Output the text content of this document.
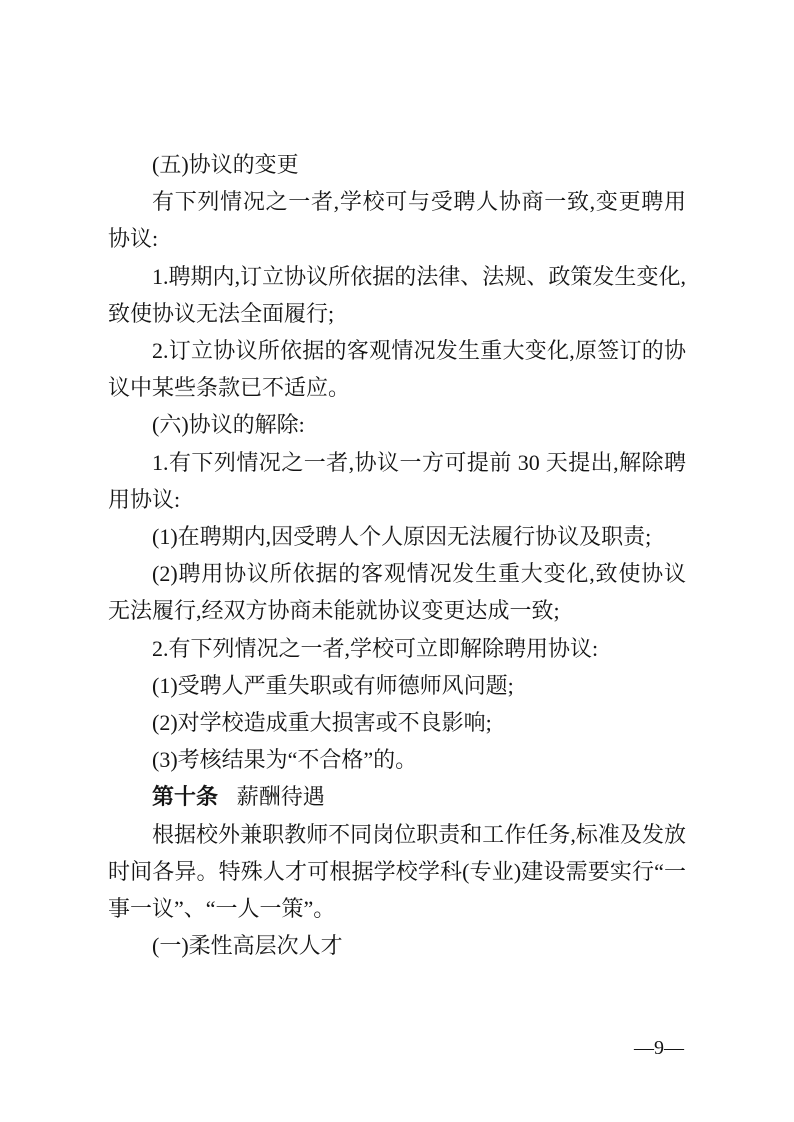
(五)协议的变更

有下列情况之一者,学校可与受聘人协商一致,变更聘用协议:

1.聘期内,订立协议所依据的法律、法规、政策发生变化,致使协议无法全面履行;

2.订立协议所依据的客观情况发生重大变化,原签订的协议中某些条款已不适应。

(六)协议的解除:

1.有下列情况之一者,协议一方可提前 30 天提出,解除聘用协议:

(1)在聘期内,因受聘人个人原因无法履行协议及职责;

(2)聘用协议所依据的客观情况发生重大变化,致使协议无法履行,经双方协商未能就协议变更达成一致;

2.有下列情况之一者,学校可立即解除聘用协议:

(1)受聘人严重失职或有师德师风问题;

(2)对学校造成重大损害或不良影响;

(3)考核结果为“不合格”的。

第十条 薪酬待遇

根据校外兼职教师不同岗位职责和工作任务,标准及发放时间各异。特殊人才可根据学校学科(专业)建设需要实行“一事一议”、“一人一策”。

(一)柔性高层次人才

—9—
